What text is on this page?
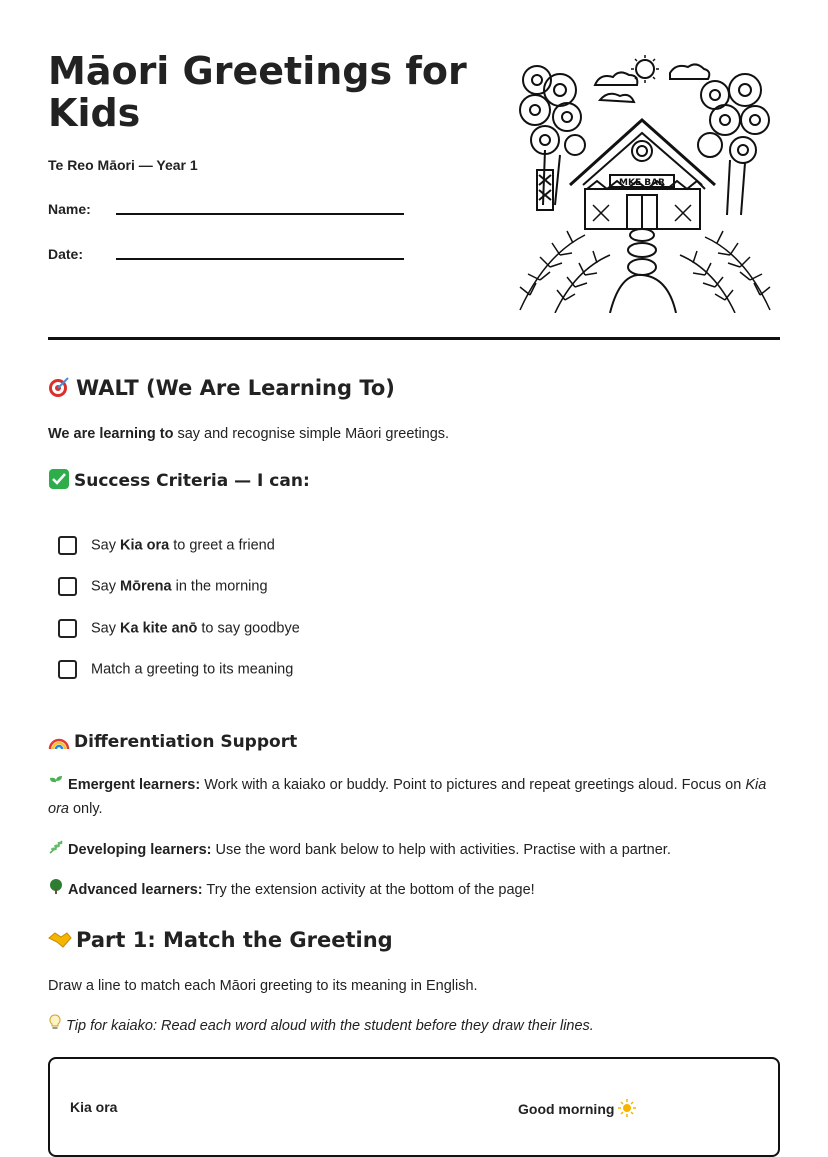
Māori Greetings for Kids
Te Reo Māori — Year 1
Name:
Date:
MKE BAR
WALT (We Are Learning To)
We are learning to say and recognise simple Māori greetings.
Success Criteria — I can:
Say Kia ora to greet a friend
Say Mōrena in the morning
Say Ka kite anō to say goodbye
Match a greeting to its meaning
Differentiation Support
Emergent learners: Work with a kaiako or buddy. Point to pictures and repeat greetings aloud. Focus on Kia ora only.
Developing learners: Use the word bank below to help with activities. Practise with a partner.
Advanced learners: Try the extension activity at the bottom of the page!
Part 1: Match the Greeting
Draw a line to match each Māori greeting to its meaning in English.
Tip for kaiako: Read each word aloud with the student before they draw their lines.
Kia ora	Good morning
